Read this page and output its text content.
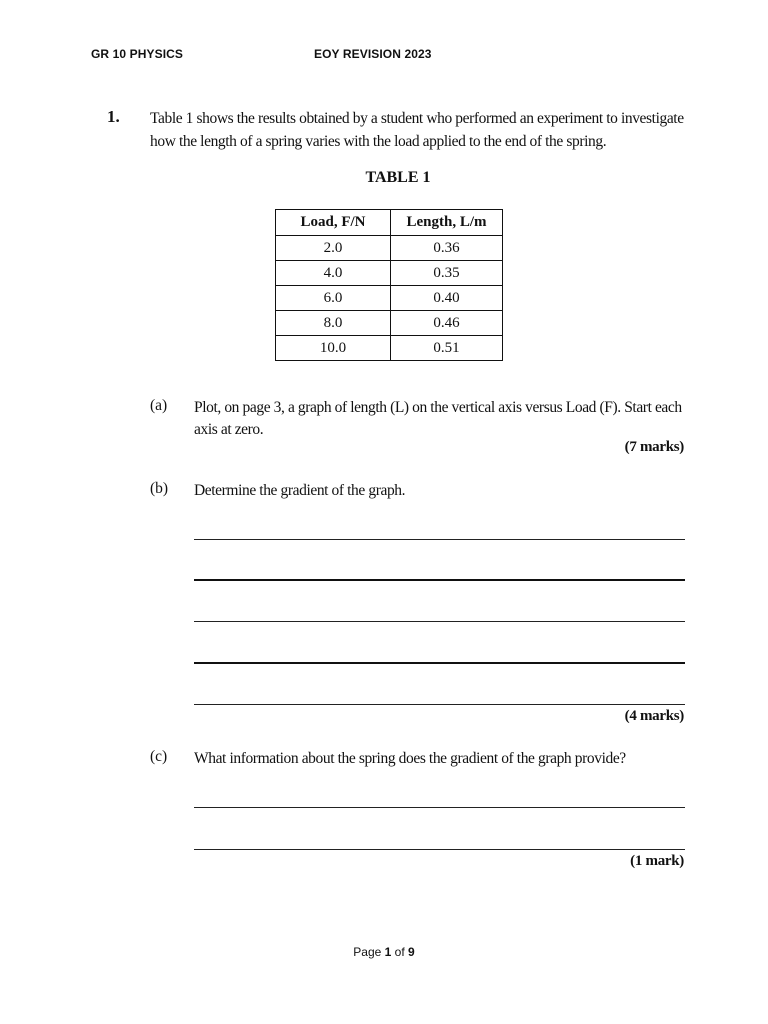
GR 10 PHYSICS	EOY REVISION 2023
1. Table 1 shows the results obtained by a student who performed an experiment to investigate how the length of a spring varies with the load applied to the end of the spring.
TABLE 1
Load, F/N	Length, L/m
2.0	0.36
4.0	0.35
6.0	0.40
8.0	0.46
10.0	0.51
(a) Plot, on page 3, a graph of length (L) on the vertical axis versus Load (F). Start each axis at zero.
(7 marks)
(b) Determine the gradient of the graph.
(4 marks)
(c) What information about the spring does the gradient of the graph provide?
(1 mark)
Page 1 of 9
